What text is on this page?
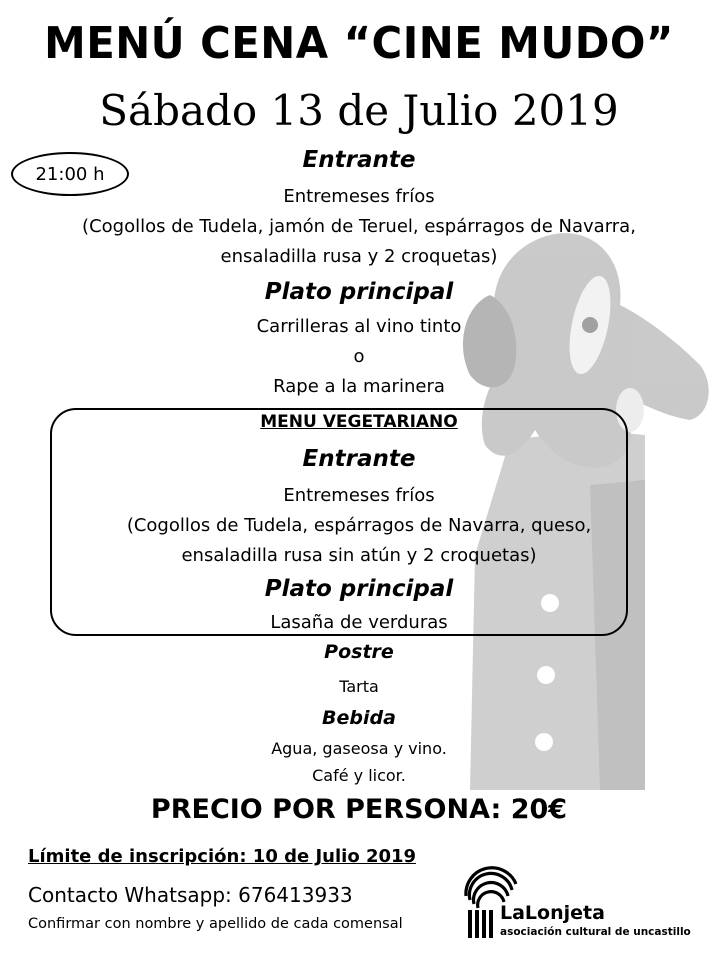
MENÚ CENA “CINE MUDO”
Sábado 13 de Julio 2019
21:00 h
Entrante
Entremeses fríos
(Cogollos de Tudela, jamón de Teruel, espárragos de Navarra,
ensaladilla rusa y 2 croquetas)
Plato principal
Carrilleras al vino tinto
o
Rape a la marinera
MENU VEGETARIANO
Entrante
Entremeses fríos
(Cogollos de Tudela, espárragos de Navarra, queso,
ensaladilla rusa sin atún y 2 croquetas)
Plato principal
Lasaña de verduras
Postre
Tarta
Bebida
Agua, gaseosa y vino.
Café y licor.
PRECIO POR PERSONA: 20€
Límite de inscripción: 10 de Julio 2019
Contacto Whatsapp: 676413933
Confirmar con nombre y apellido de cada comensal	LaLonjeta
asociación cultural de uncastillo
